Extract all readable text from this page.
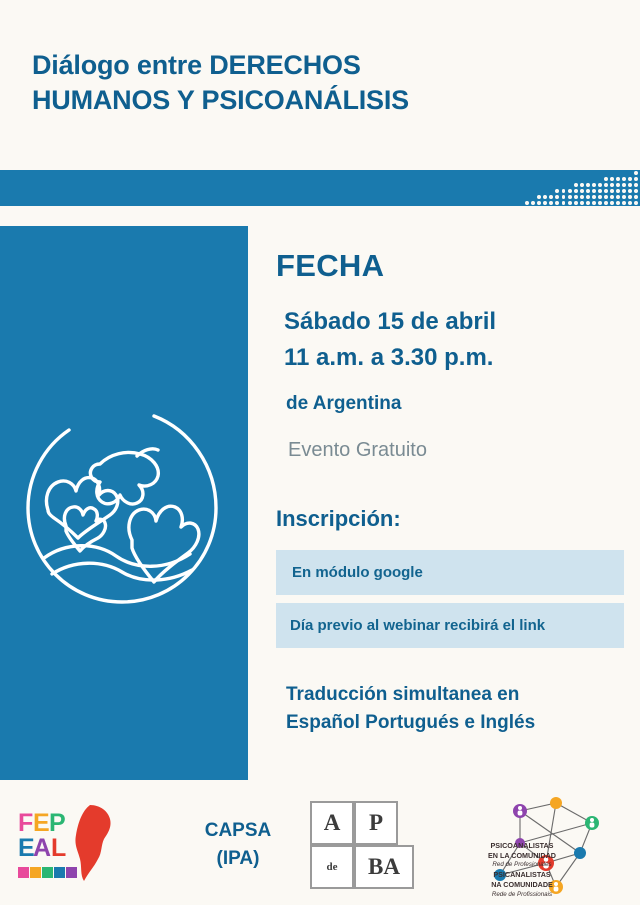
Diálogo entre DERECHOS
HUMANOS Y PSICOANÁLISIS
FECHA
Sábado 15 de abril
11 a.m. a 3.30 p.m.
de Argentina
Evento Gratuito
Inscripción:
En módulo google
Día previo al webinar recibirá el link
Traducción simultanea en
Español Portugués e Inglés
F E P
E
A L
CAPSA
(IPA)
A	P
de	BA
PSICOANALISTAS
EN LA COMUNIDAD
Red de Profesionales
PSICANALISTAS
NA COMUNIDADE
Rede de Profissionais
